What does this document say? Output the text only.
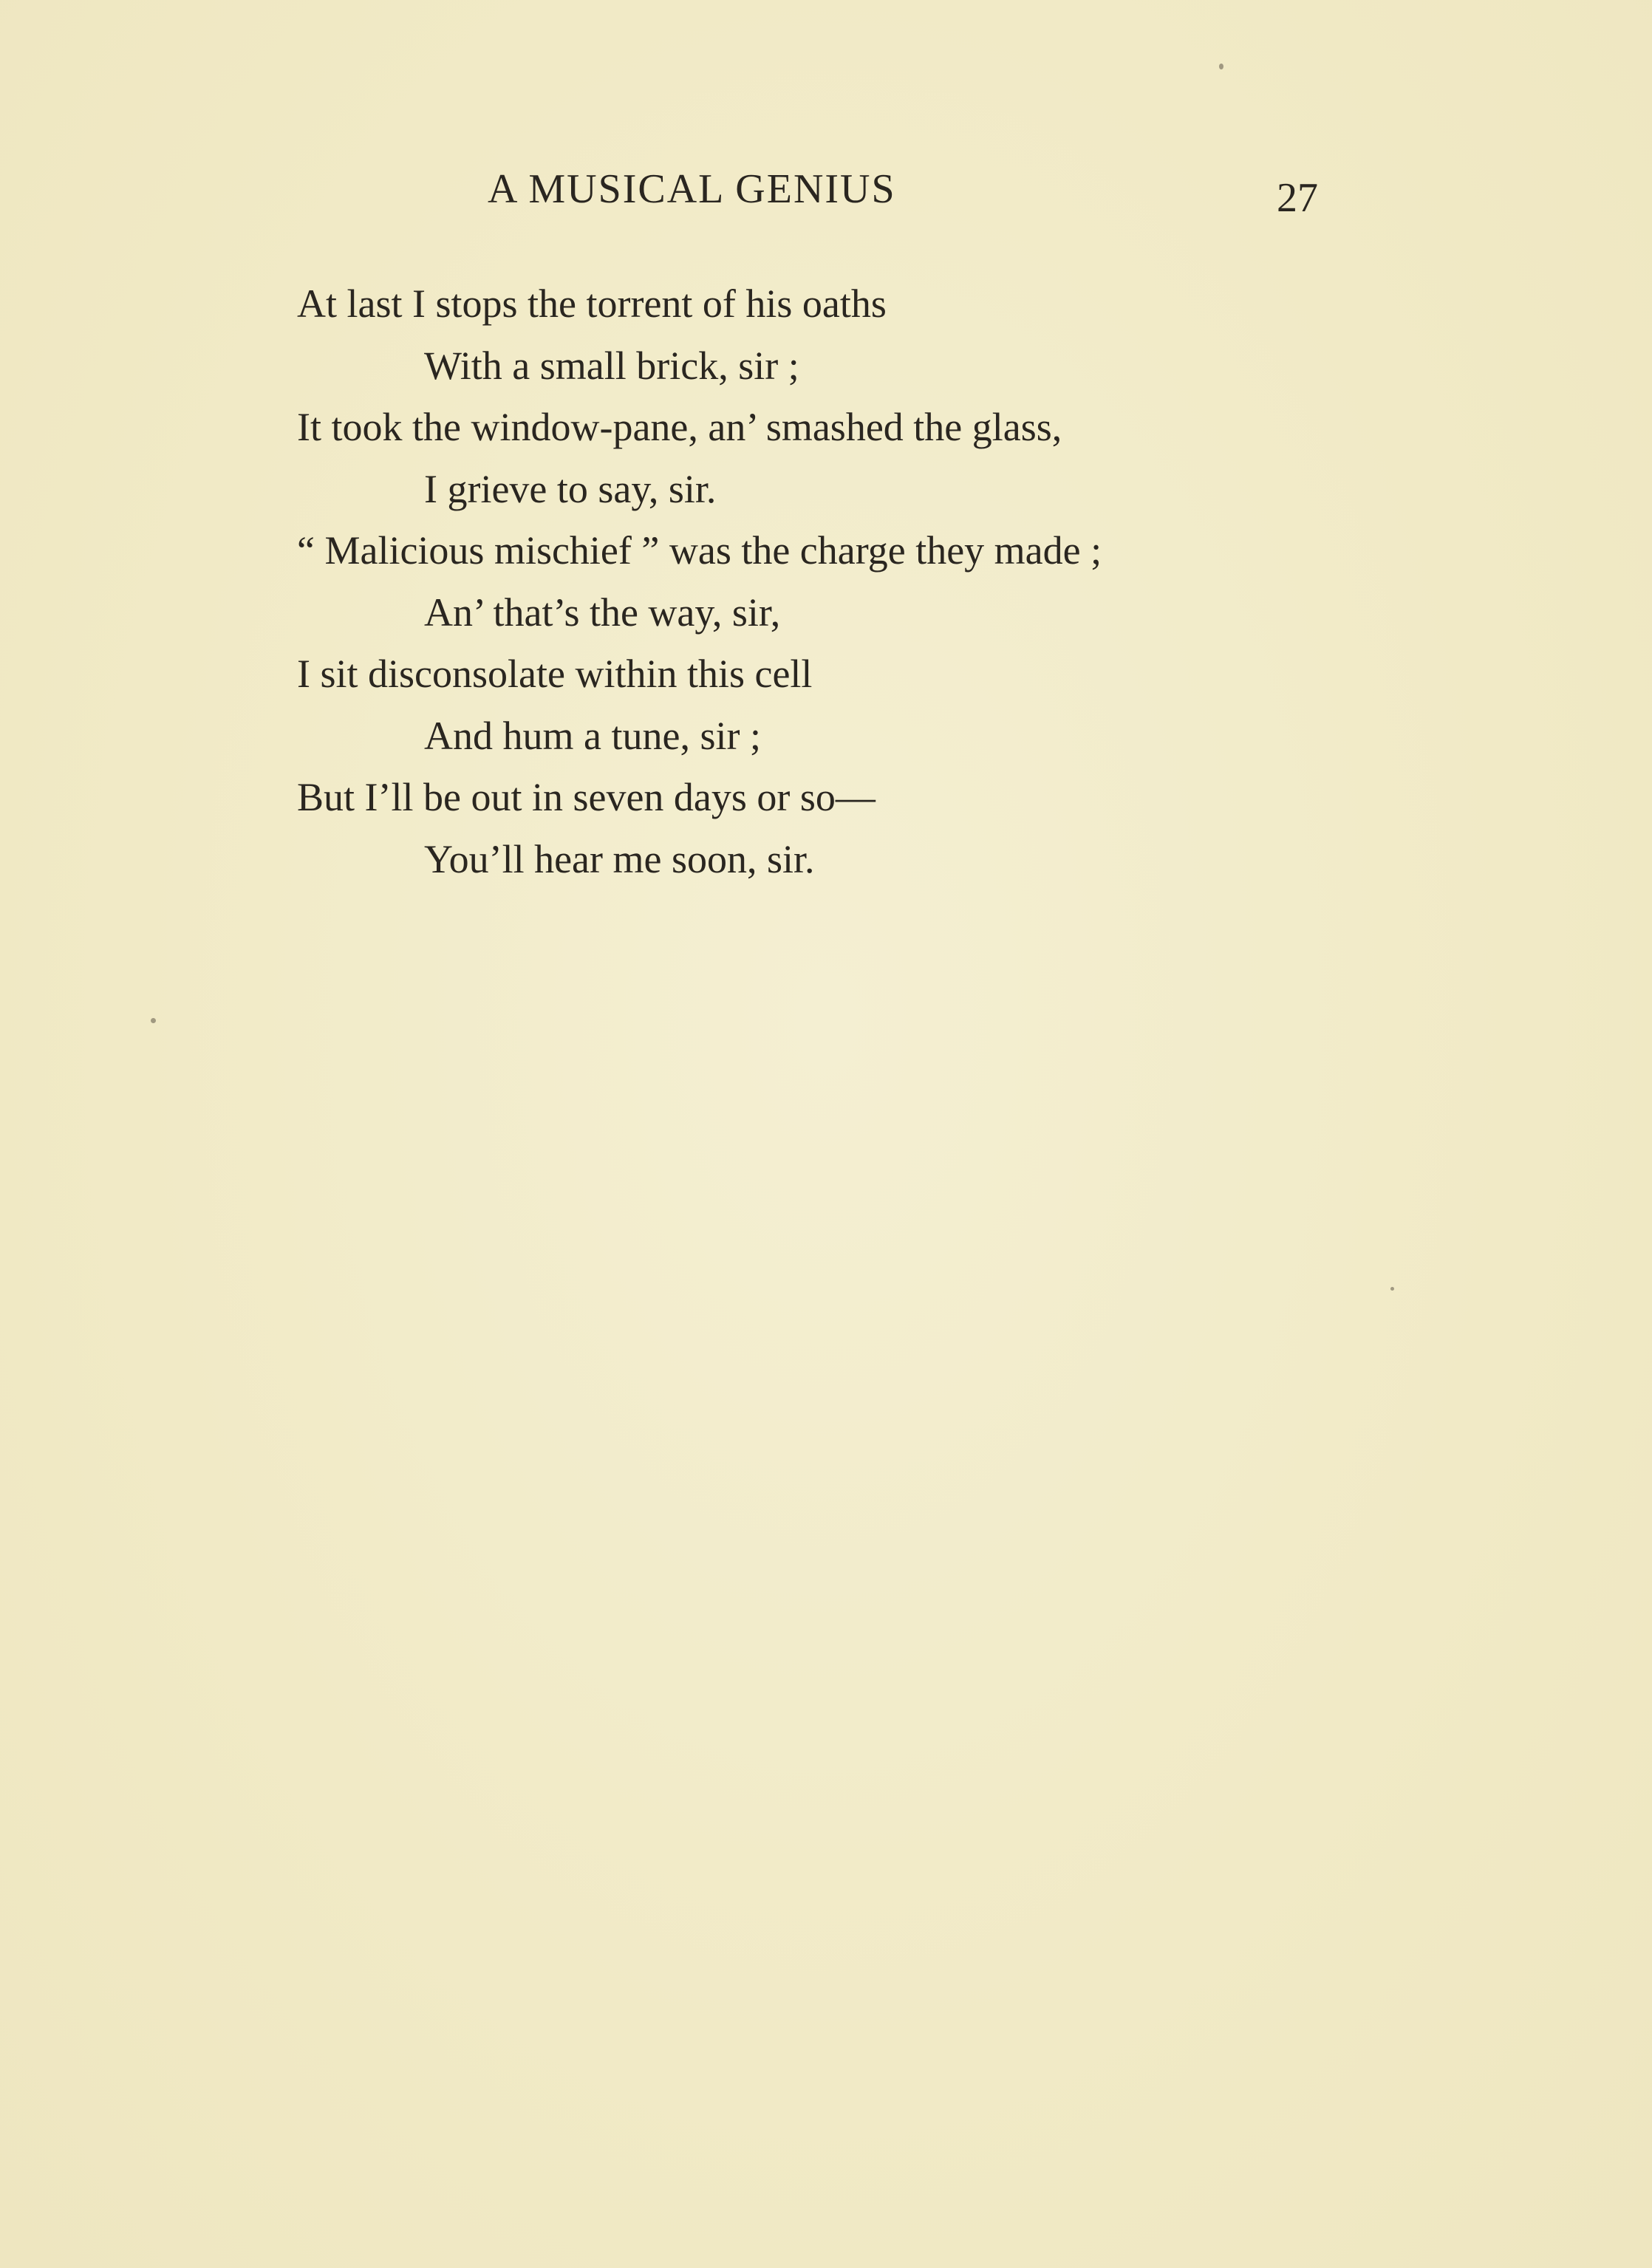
A MUSICAL GENIUS	27
At last I stops the torrent of his oaths
With a small brick, sir ;
It took the window-pane, an’ smashed the glass,
I grieve to say, sir.
“ Malicious mischief ” was the charge they made ;
An’ that’s the way, sir,
I sit disconsolate within this cell
And hum a tune, sir ;
But I’ll be out in seven days or so—
You’ll hear me soon, sir.
